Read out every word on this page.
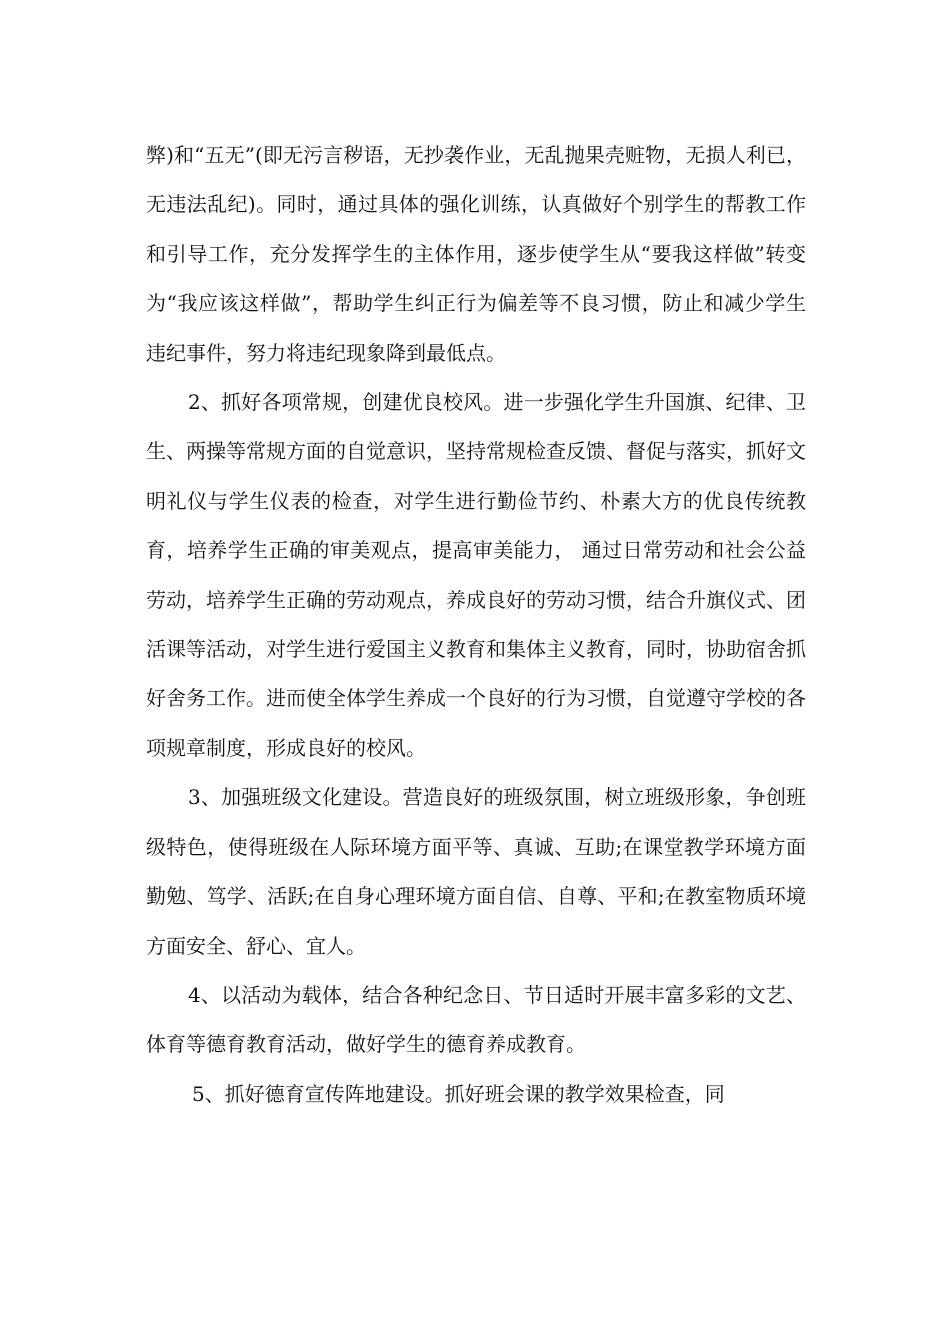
弊)和“五无”(即无污言秽语，无抄袭作业，无乱抛果壳赃物，无损人利已，无违法乱纪)。同时，通过具体的强化训练，认真做好个别学生的帮教工作和引导工作，充分发挥学生的主体作用，逐步使学生从“要我这样做”转变为“我应该这样做”，帮助学生纠正行为偏差等不良习惯，防止和减少学生违纪事件，努力将违纪现象降到最低点。

2、抓好各项常规，创建优良校风。进一步强化学生升国旗、纪律、卫生、两操等常规方面的自觉意识，坚持常规检查反馈、督促与落实，抓好文明礼仪与学生仪表的检查，对学生进行勤俭节约、朴素大方的优良传统教育，培养学生正确的审美观点，提高审美能力， 通过日常劳动和社会公益劳动，培养学生正确的劳动观点，养成良好的劳动习惯，结合升旗仪式、团活课等活动，对学生进行爱国主义教育和集体主义教育，同时，协助宿舍抓好舍务工作。进而使全体学生养成一个良好的行为习惯，自觉遵守学校的各项规章制度，形成良好的校风。

3、加强班级文化建设。营造良好的班级氛围，树立班级形象，争创班级特色，使得班级在人际环境方面平等、真诚、互助;在课堂教学环境方面勤勉、笃学、活跃;在自身心理环境方面自信、自尊、平和;在教室物质环境方面安全、舒心、宜人。

4、以活动为载体，结合各种纪念日、节日适时开展丰富多彩的文艺、体育等德育教育活动，做好学生的德育养成教育。

5、抓好德育宣传阵地建设。抓好班会课的教学效果检查，同
